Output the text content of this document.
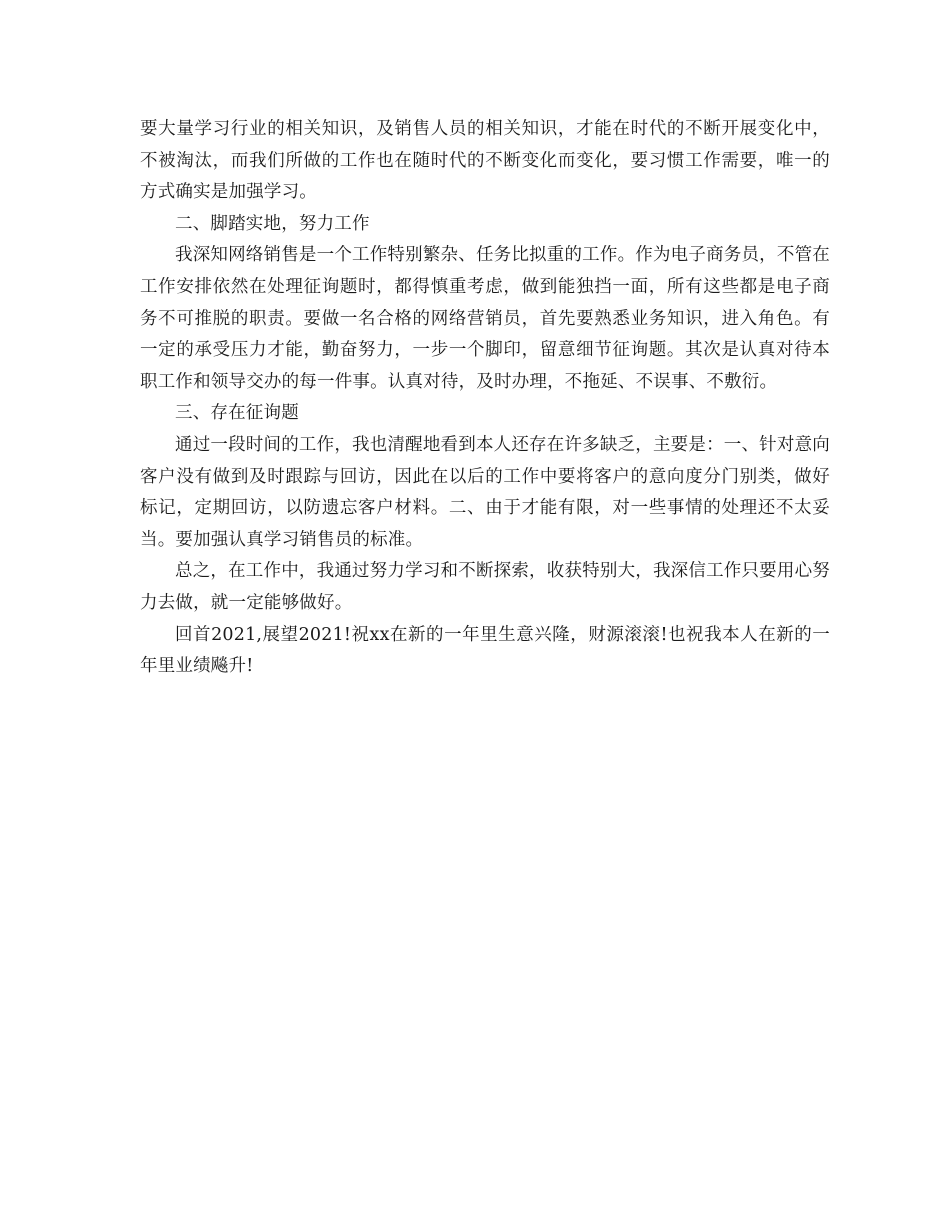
要大量学习行业的相关知识，及销售人员的相关知识，才能在时代的不断开展变化中，不被淘汰，而我们所做的工作也在随时代的不断变化而变化，要习惯工作需要，唯一的方式确实是加强学习。

二、脚踏实地，努力工作

我深知网络销售是一个工作特别繁杂、任务比拟重的工作。作为电子商务员，不管在工作安排依然在处理征询题时，都得慎重考虑，做到能独挡一面，所有这些都是电子商务不可推脱的职责。要做一名合格的网络营销员，首先要熟悉业务知识，进入角色。有一定的承受压力才能，勤奋努力，一步一个脚印，留意细节征询题。其次是认真对待本职工作和领导交办的每一件事。认真对待，及时办理，不拖延、不误事、不敷衍。

三、存在征询题

通过一段时间的工作，我也清醒地看到本人还存在许多缺乏，主要是：一、针对意向客户没有做到及时跟踪与回访，因此在以后的工作中要将客户的意向度分门别类，做好标记，定期回访，以防遗忘客户材料。二、由于才能有限，对一些事情的处理还不太妥当。要加强认真学习销售员的标准。

总之，在工作中，我通过努力学习和不断探索，收获特别大，我深信工作只要用心努力去做，就一定能够做好。

回首2021,展望2021!祝xx在新的一年里生意兴隆，财源滚滚!也祝我本人在新的一年里业绩飚升!
